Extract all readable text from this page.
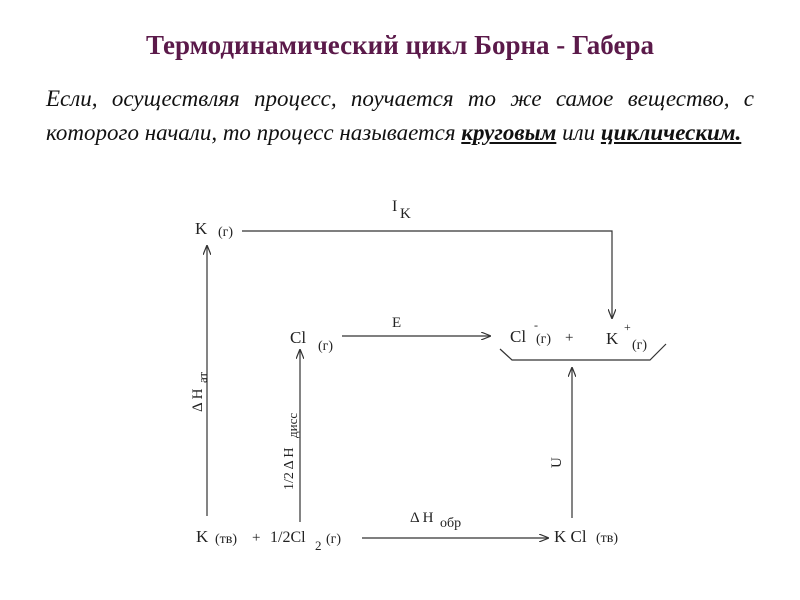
Термодинамический цикл Борна - Габера
Если, осуществляя процесс, поучается то же самое вещество, с которого начали, то процесс называется круговым или циклическим.
K (г)
Cl (г)
Cl
-
(г) + K
+
(г)
K (тв) + 1/2Cl 2 (г)	K Cl (тв)
I K
E
Δ H
ат
1/2 Δ H
дисс
U
Δ H обр
